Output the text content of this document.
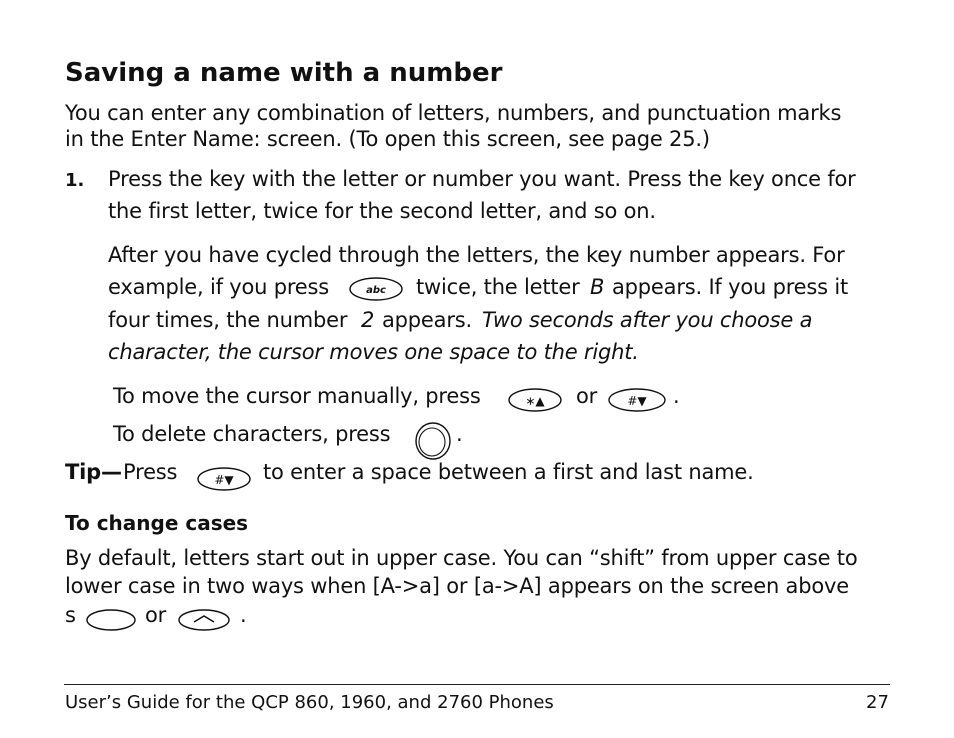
Saving a name with a number
You can enter any combination of letters, numbers, and punctuation marks
in the Enter Name: screen. (To open this screen, see page 25.)
1. Press the key with the letter or number you want. Press the key once for
the first letter, twice for the second letter, and so on.
After you have cycled through the letters, the key number appears. For
example, if you press	abc twice, the letter B appears. If you press it
four times, the number 2 appears. Two seconds after you choose a
character, the cursor moves one space to the right.
To move the cursor manually, press	∗▲ or	#▼ .
To delete characters, press	.
Tip— Press	#▼ to enter a space between a first and last name.
To change cases
By default, letters start out in upper case. You can “shift” from upper case to
lower case in two ways when [A->a] or [a->A] appears on the screen above
s	or	.
User’s Guide for the QCP 860, 1960, and 2760 Phones	27
